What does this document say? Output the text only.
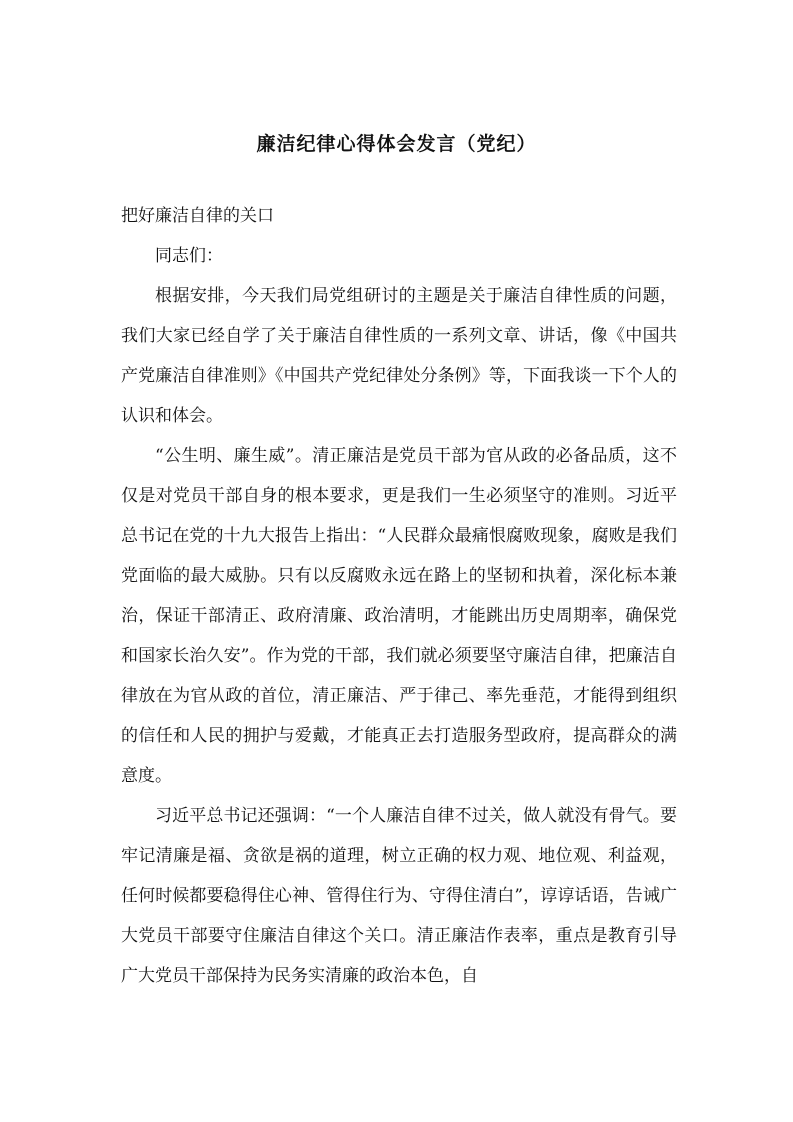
廉洁纪律心得体会发言（党纪）

把好廉洁自律的关口

同志们：

根据安排，今天我们局党组研讨的主题是关于廉洁自律性质的问题，我们大家已经自学了关于廉洁自律性质的一系列文章、讲话，像《中国共产党廉洁自律准则》《中国共产党纪律处分条例》等，下面我谈一下个人的认识和体会。

“公生明、廉生威”。清正廉洁是党员干部为官从政的必备品质，这不仅是对党员干部自身的根本要求，更是我们一生必须坚守的准则。习近平总书记在党的十九大报告上指出：“人民群众最痛恨腐败现象，腐败是我们党面临的最大威胁。只有以反腐败永远在路上的坚韧和执着，深化标本兼治，保证干部清正、政府清廉、政治清明，才能跳出历史周期率，确保党和国家长治久安”。作为党的干部，我们就必须要坚守廉洁自律，把廉洁自律放在为官从政的首位，清正廉洁、严于律己、率先垂范，才能得到组织的信任和人民的拥护与爱戴，才能真正去打造服务型政府，提高群众的满意度。

习近平总书记还强调：“一个人廉洁自律不过关，做人就没有骨气。要牢记清廉是福、贪欲是祸的道理，树立正确的权力观、地位观、利益观，任何时候都要稳得住心神、管得住行为、守得住清白”，谆谆话语，告诫广大党员干部要守住廉洁自律这个关口。清正廉洁作表率，重点是教育引导广大党员干部保持为民务实清廉的政治本色，自
